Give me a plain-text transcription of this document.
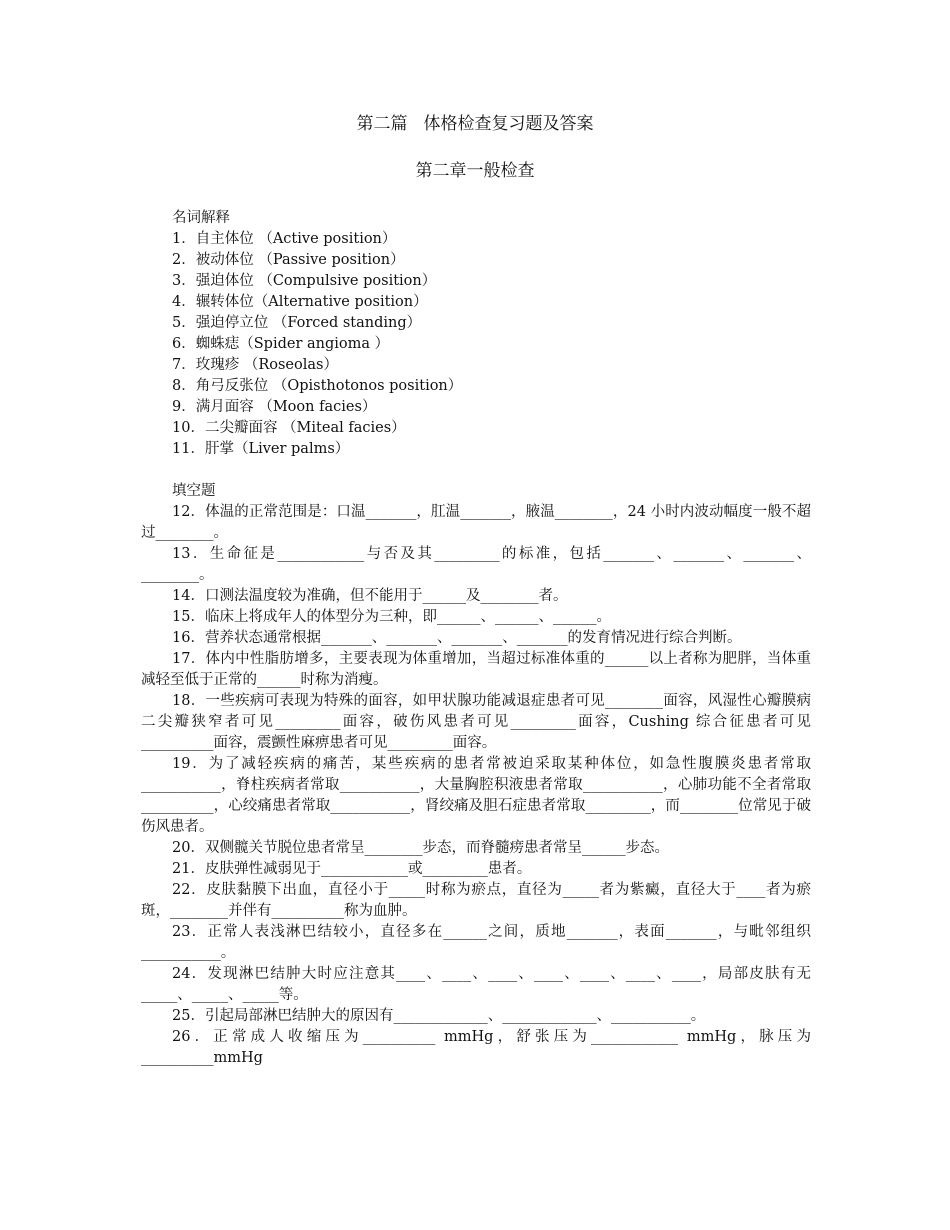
第二篇 体格检查复习题及答案
第二章一般检查

名词解释

1．自主体位 （Active position）

2．被动体位 （Passive position）

3．强迫体位 （Compulsive position）

4．辗转体位（Alternative position）

5．强迫停立位 （Forced standing）

6．蜘蛛痣（Spider angioma ）

7．玫瑰疹 （Roseolas）

8．角弓反张位 （Opisthotonos position）

9．满月面容 （Moon facies）

10．二尖瓣面容 （Miteal facies）

11．肝掌（Liver palms）

填空题

12．体温的正常范围是：口温_______，肛温_______，腋温________，24 小时内波动幅度一般不超过________。

13．生命征是____________与否及其_________的标准，包括_______、_______、_______、________。

14．口测法温度较为准确，但不能用于______及________者。

15．临床上将成年人的体型分为三种，即______、______、______。

16．营养状态通常根据_______、_______、_______、_______的发育情况进行综合判断。

17．体内中性脂肪增多，主要表现为体重增加，当超过标准体重的______以上者称为肥胖，当体重减轻至低于正常的______时称为消瘦。

18．一些疾病可表现为特殊的面容，如甲状腺功能减退症患者可见________面容，风湿性心瓣膜病二尖瓣狭窄者可见_________面容，破伤风患者可见_________面容，Cushing 综合征患者可见__________面容，震颤性麻痹患者可见_________面容。

19．为了减轻疾病的痛苦，某些疾病的患者常被迫采取某种体位，如急性腹膜炎患者常取___________，脊柱疾病者常取___________，大量胸腔积液患者常取___________，心肺功能不全者常取__________，心绞痛患者常取___________，肾绞痛及胆石症患者常取_________，而________位常见于破伤风患者。

20．双侧髋关节脱位患者常呈________步态，而脊髓痨患者常呈______步态。

21．皮肤弹性减弱见于____________或_________患者。

22．皮肤黏膜下出血，直径小于_____时称为瘀点，直径为_____者为紫癜，直径大于____者为瘀斑，________并伴有__________称为血肿。

23．正常人表浅淋巴结较小，直径多在______之间，质地_______，表面_______，与毗邻组织___________。

24．发现淋巴结肿大时应注意其____、____、____、____、____、____、____，局部皮肤有无_____、_____、_____等。

25．引起局部淋巴结肿大的原因有_____________、_____________、___________。

26．正常成人收缩压为__________ mmHg，舒张压为____________ mmHg，脉压为__________mmHg
